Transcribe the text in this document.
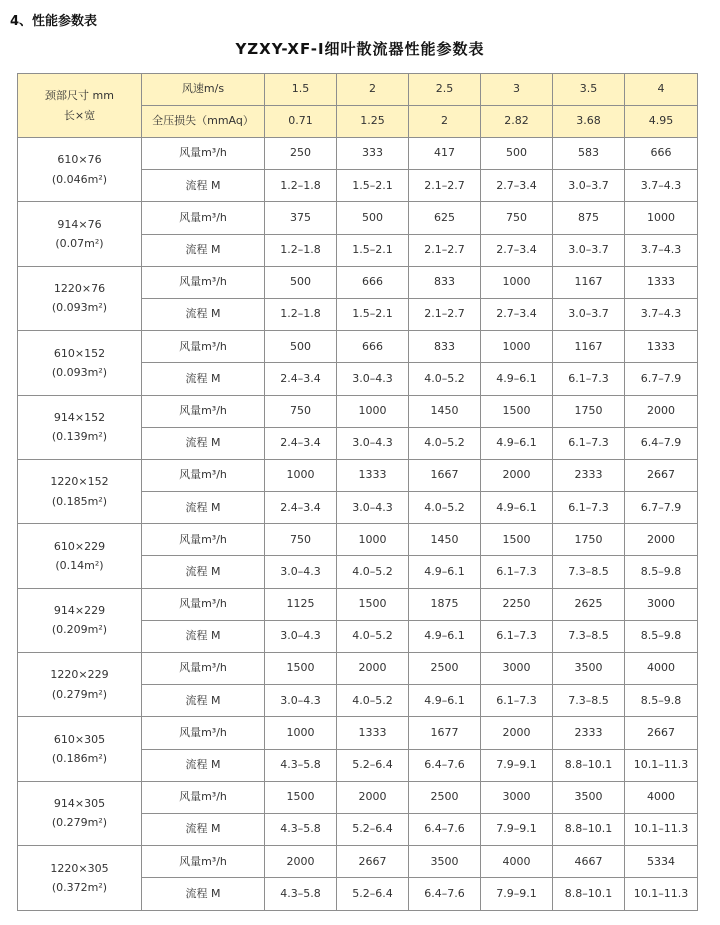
4、性能参数表
YZXY-XF-Ⅰ细叶散流器性能参数表
颈部尺寸 mm
长×宽	风速m/s	1.5	2	2.5	3	3.5	4
	全压损失（mmAq）	0.71	1.25	2	2.82	3.68	4.95

610×76
(0.046m²)	风量m³/h	250	333	417	500	583	666
	流程 M	1.2–1.8	1.5–2.1	2.1–2.7	2.7–3.4	3.0–3.7	3.7–4.3

914×76
(0.07m²)	风量m³/h	375	500	625	750	875	1000
	流程 M	1.2–1.8	1.5–2.1	2.1–2.7	2.7–3.4	3.0–3.7	3.7–4.3

1220×76
(0.093m²)	风量m³/h	500	666	833	1000	1167	1333
	流程 M	1.2–1.8	1.5–2.1	2.1–2.7	2.7–3.4	3.0–3.7	3.7–4.3

610×152
(0.093m²)	风量m³/h	500	666	833	1000	1167	1333
	流程 M	2.4–3.4	3.0–4.3	4.0–5.2	4.9–6.1	6.1–7.3	6.7–7.9

914×152
(0.139m²)	风量m³/h	750	1000	1450	1500	1750	2000
	流程 M	2.4–3.4	3.0–4.3	4.0–5.2	4.9–6.1	6.1–7.3	6.4–7.9

1220×152
(0.185m²)	风量m³/h	1000	1333	1667	2000	2333	2667
	流程 M	2.4–3.4	3.0–4.3	4.0–5.2	4.9–6.1	6.1–7.3	6.7–7.9

610×229
(0.14m²)	风量m³/h	750	1000	1450	1500	1750	2000
	流程 M	3.0–4.3	4.0–5.2	4.9–6.1	6.1–7.3	7.3–8.5	8.5–9.8

914×229
(0.209m²)	风量m³/h	1125	1500	1875	2250	2625	3000
	流程 M	3.0–4.3	4.0–5.2	4.9–6.1	6.1–7.3	7.3–8.5	8.5–9.8

1220×229
(0.279m²)	风量m³/h	1500	2000	2500	3000	3500	4000
	流程 M	3.0–4.3	4.0–5.2	4.9–6.1	6.1–7.3	7.3–8.5	8.5–9.8

610×305
(0.186m²)	风量m³/h	1000	1333	1677	2000	2333	2667
	流程 M	4.3–5.8	5.2–6.4	6.4–7.6	7.9–9.1	8.8–10.1	10.1–11.3

914×305
(0.279m²)	风量m³/h	1500	2000	2500	3000	3500	4000
	流程 M	4.3–5.8	5.2–6.4	6.4–7.6	7.9–9.1	8.8–10.1	10.1–11.3

1220×305
(0.372m²)	风量m³/h	2000	2667	3500	4000	4667	5334
	流程 M	4.3–5.8	5.2–6.4	6.4–7.6	7.9–9.1	8.8–10.1	10.1–11.3
